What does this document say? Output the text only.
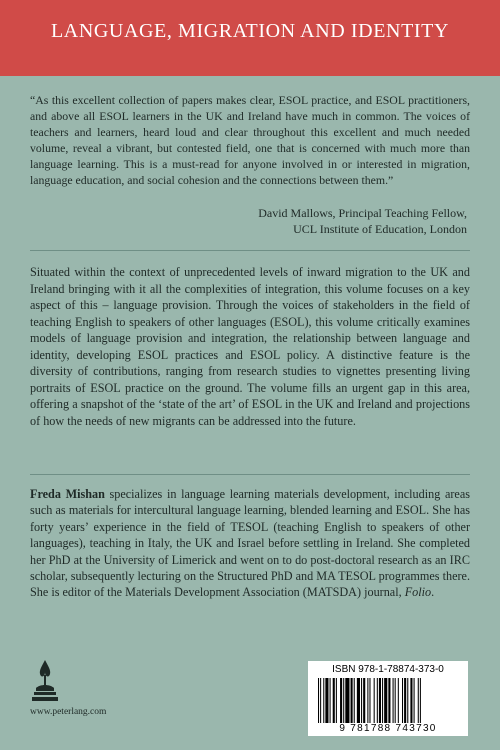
LANGUAGE, MIGRATION AND IDENTITY
“As this excellent collection of papers makes clear, ESOL practice, and ESOL practitioners, and above all ESOL learners in the UK and Ireland have much in common. The voices of teachers and learners, heard loud and clear throughout this excellent and much needed volume, reveal a vibrant, but contested field, one that is concerned with much more than language learning. This is a must-read for anyone involved in or interested in migration, language education, and social cohesion and the connections between them.”
David Mallows, Principal Teaching Fellow,
UCL Institute of Education, London
Situated within the context of unprecedented levels of inward migration to the UK and Ireland bringing with it all the complexities of integration, this volume focuses on a key aspect of this – language provision. Through the voices of stakeholders in the field of teaching English to speakers of other languages (ESOL), this volume critically examines models of language provision and integration, the relationship between language and identity, developing ESOL practices and ESOL policy. A distinctive feature is the diversity of contributions, ranging from research studies to vignettes presenting living portraits of ESOL practice on the ground. The volume fills an urgent gap in this area, offering a snapshot of the ‘state of the art’ of ESOL in the UK and Ireland and projections of how the needs of new migrants can be addressed into the future.
Freda Mishan specializes in language learning materials development, including areas such as materials for intercultural language learning, blended learning and ESOL. She has forty years’ experience in the field of TESOL (teaching English to speakers of other languages), teaching in Italy, the UK and Israel before settling in Ireland. She completed her PhD at the University of Limerick and went on to do post-doctoral research as an IRC scholar, subsequently lecturing on the Structured PhD and MA TESOL programmes there. She is editor of the Materials Development Association (MATSDA) journal, Folio.
www.peterlang.com
ISBN 978-1-78874-373-0
9 781788 743730
